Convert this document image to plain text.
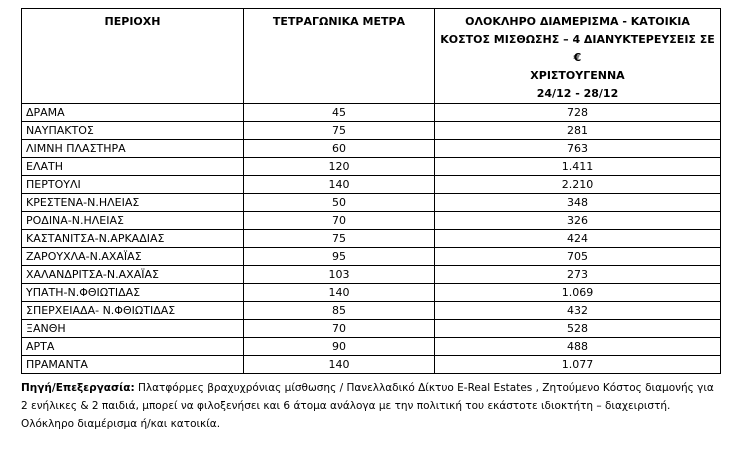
ΠΕΡΙΟΧΗ	ΤΕΤΡΑΓΩΝΙΚΑ ΜΕΤΡΑ	ΟΛΟΚΛΗΡΟ ΔΙΑΜΕΡΙΣΜΑ - ΚΑΤΟΙΚΙΑ
ΚΟΣΤΟΣ ΜΙΣΘΩΣΗΣ – 4 ΔΙΑΝΥΚΤΕΡΕΥΣΕΙΣ ΣΕ €
ΧΡΙΣΤΟΥΓΕΝΝΑ
24/12 - 28/12

ΔΡΑΜΑ	45	728
ΝΑΥΠΑΚΤΟΣ	75	281
ΛΙΜΝΗ ΠΛΑΣΤΗΡΑ	60	763
ΕΛΑΤΗ	120	1.411
ΠΕΡΤΟΥΛΙ	140	2.210
ΚΡΕΣΤΕΝΑ-Ν.ΗΛΕΙΑΣ	50	348
ΡΟΔΙΝΑ-Ν.ΗΛΕΙΑΣ	70	326
ΚΑΣΤΑΝΙΤΣΑ-Ν.ΑΡΚΑΔΙΑΣ	75	424
ΖΑΡΟΥΧΛΑ-Ν.ΑΧΑΪΑΣ	95	705
ΧΑΛΑΝΔΡΙΤΣΑ-Ν.ΑΧΑΪΑΣ	103	273
ΥΠΑΤΗ-Ν.ΦΘΙΩΤΙΔΑΣ	140	1.069
ΣΠΕΡΧΕΙΑΔΑ- Ν.ΦΘΙΩΤΙΔΑΣ	85	432
ΞΑΝΘΗ	70	528
ΑΡΤΑ	90	488
ΠΡΑΜΑΝΤΑ	140	1.077
Πηγή/Επεξεργασία: Πλατφόρμες βραχυχρόνιας μίσθωσης / Πανελλαδικό Δίκτυο E-Real Estates , Ζητούμενο Κόστος διαμονής για 2 ενήλικες & 2 παιδιά, μπορεί να φιλοξενήσει και 6 άτομα ανάλογα με την πολιτική του εκάστοτε ιδιοκτήτη – διαχειριστή. Ολόκληρο διαμέρισμα ή/και κατοικία.
